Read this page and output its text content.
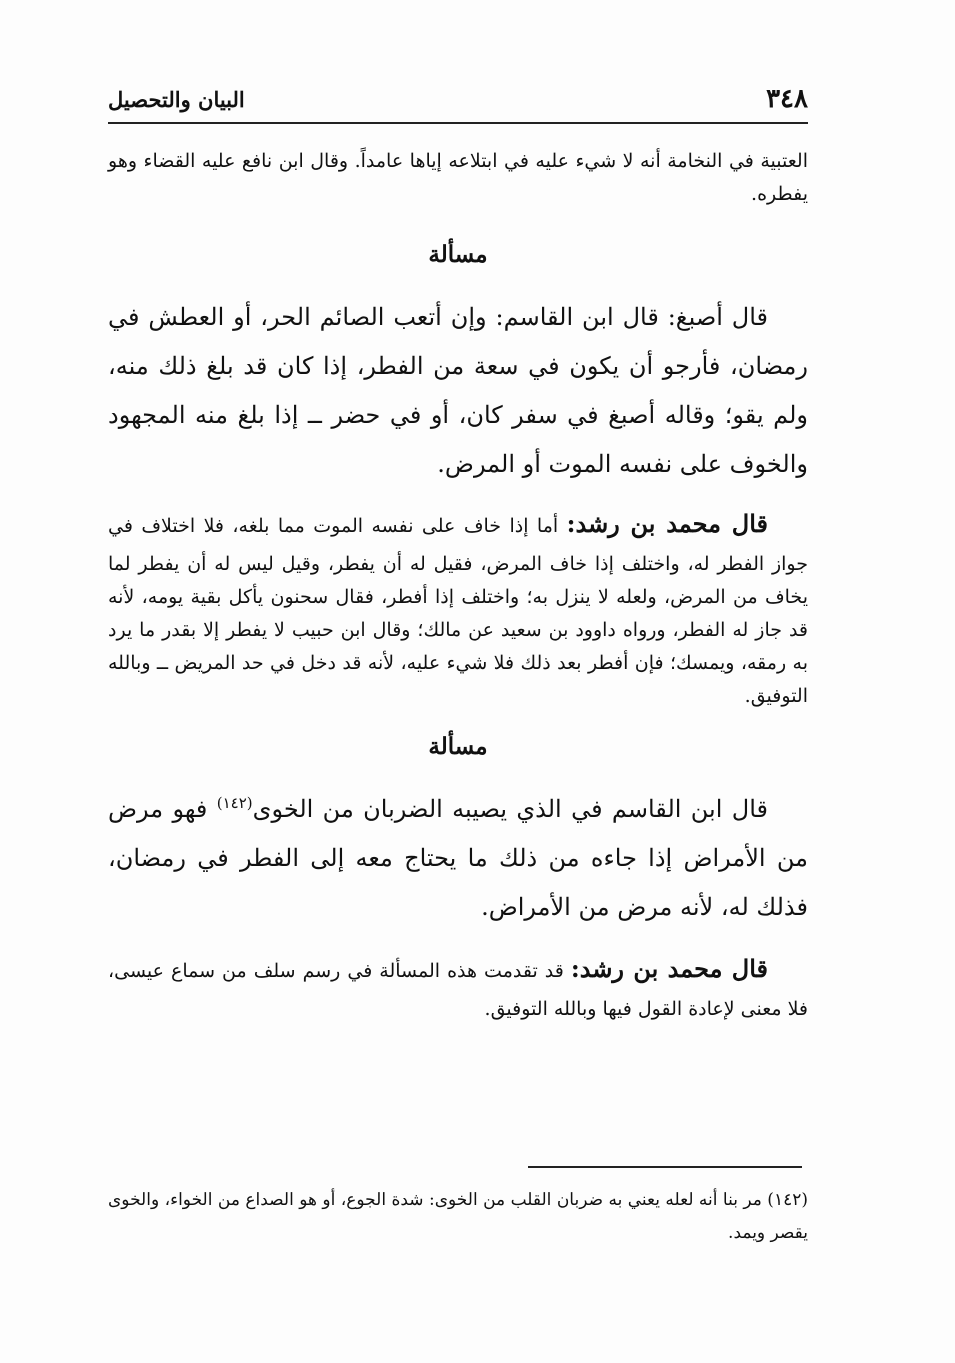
٣٤٨
البيان والتحصيل

العتبية في النخامة أنه لا شيء عليه في ابتلاعه إياها عامداً. وقال ابن نافع عليه القضاء وهو يفطره.

مسألة

قال أصبغ: قال ابن القاسم: وإن أتعب الصائم الحر، أو العطش في رمضان، فأرجو أن يكون في سعة من الفطر، إذا كان قد بلغ ذلك منه، ولم يقو؛ وقاله أصبغ في سفر كان، أو في حضر ــ إذا بلغ منه المجهود والخوف على نفسه الموت أو المرض.

قال محمد بن رشد: أما إذا خاف على نفسه الموت مما بلغه، فلا اختلاف في جواز الفطر له، واختلف إذا خاف المرض، فقيل له أن يفطر، وقيل ليس له أن يفطر لما يخاف من المرض، ولعله لا ينزل به؛ واختلف إذا أفطر، فقال سحنون يأكل بقية يومه، لأنه قد جاز له الفطر، ورواه داوود بن سعيد عن مالك؛ وقال ابن حبيب لا يفطر إلا بقدر ما يرد به رمقه، ويمسك؛ فإن أفطر بعد ذلك فلا شيء عليه، لأنه قد دخل في حد المريض ــ وبالله التوفيق.

مسألة

قال ابن القاسم في الذي يصيبه الضربان من الخوى$^{(١٤٢)}$ فهو مرض من الأمراض إذا جاءه من ذلك ما يحتاج معه إلى الفطر في رمضان، فذلك له، لأنه مرض من الأمراض.

قال محمد بن رشد: قد تقدمت هذه المسألة في رسم سلف من سماع عيسى، فلا معنى لإعادة القول فيها وبالله التوفيق.

(١٤٢) مر بنا أنه لعله يعني به ضربان القلب من الخوى: شدة الجوع، أو هو الصداع من الخواء، والخوى يقصر ويمد.
